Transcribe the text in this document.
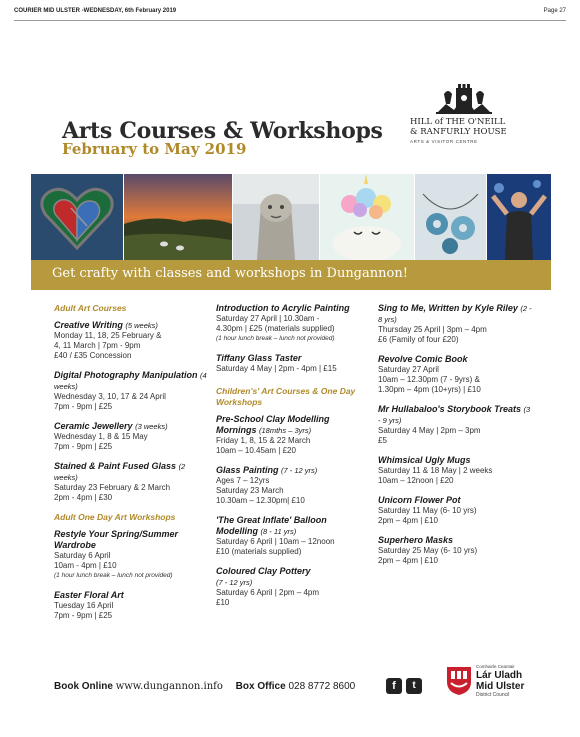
COURIER MID ULSTER -WEDNESDAY, 6th February 2019	Page 27
Arts Courses & Workshops
February to May 2019
HILL of THE O'NEILL
& RANFURLY HOUSE
ARTS & VISITOR CENTRE
Get crafty with classes and workshops in Dungannon!
Adult Art Courses
Creative Writing (5 weeks)
Monday 11, 18, 25 February &
4, 11 March | 7pm - 9pm
£40 / £35 Concession
Digital Photography Manipulation (4 weeks)
Wednesday 3, 10, 17 & 24 April
7pm - 9pm | £25
Ceramic Jewellery (3 weeks)
Wednesday 1, 8 & 15 May
7pm - 9pm | £25
Stained & Paint Fused Glass (2 weeks)
Saturday 23 February & 2 March
2pm - 4pm | £30
Adult One Day Art Workshops
Restyle Your Spring/Summer Wardrobe
Saturday 6 April
10am - 4pm | £10
(1 hour lunch break – lunch not provided)
Easter Floral Art
Tuesday 16 April
7pm - 9pm | £25
Introduction to Acrylic Painting
Saturday 27 April | 10.30am -
4.30pm | £25 (materials supplied)
(1 hour lunch break – lunch not provided)
Tiffany Glass Taster
Saturday 4 May | 2pm - 4pm | £15
Children's' Art Courses & One Day Workshops
Pre-School Clay Modelling Mornings (18mths – 3yrs)
Friday 1, 8, 15 & 22 March
10am – 10.45am | £20
Glass Painting (7 - 12 yrs)
Ages 7 – 12yrs
Saturday 23 March
10.30am – 12.30pm| £10
'The Great Inflate' Balloon Modelling (8 - 11 yrs)
Saturday 6 April | 10am – 12noon
£10 (materials supplied)
Coloured Clay Pottery
(7 - 12 yrs)
Saturday 6 April | 2pm – 4pm
£10
Sing to Me, Written by Kyle Riley (2 - 8 yrs)
Thursday 25 April | 3pm – 4pm
£6 (Family of four £20)
Revolve Comic Book
Saturday 27 April
10am – 12.30pm (7 - 9yrs) &
1.30pm – 4pm (10+yrs) | £10
Mr Hullabaloo's Storybook Treats (3 - 9 yrs)
Saturday 4 May | 2pm – 3pm
£5
Whimsical Ugly Mugs
Saturday 11 & 18 May | 2 weeks
10am – 12noon | £20
Unicorn Flower Pot
Saturday 11 May (6- 10 yrs)
2pm – 4pm | £10
Superhero Masks
Saturday 25 May (6- 10 yrs)
2pm – 4pm | £10
Book Online www.dungannon.info Box Office 028 8772 8600	f	t
Comhairle Ceantair
Lár Uladh
Mid Ulster
District Council
